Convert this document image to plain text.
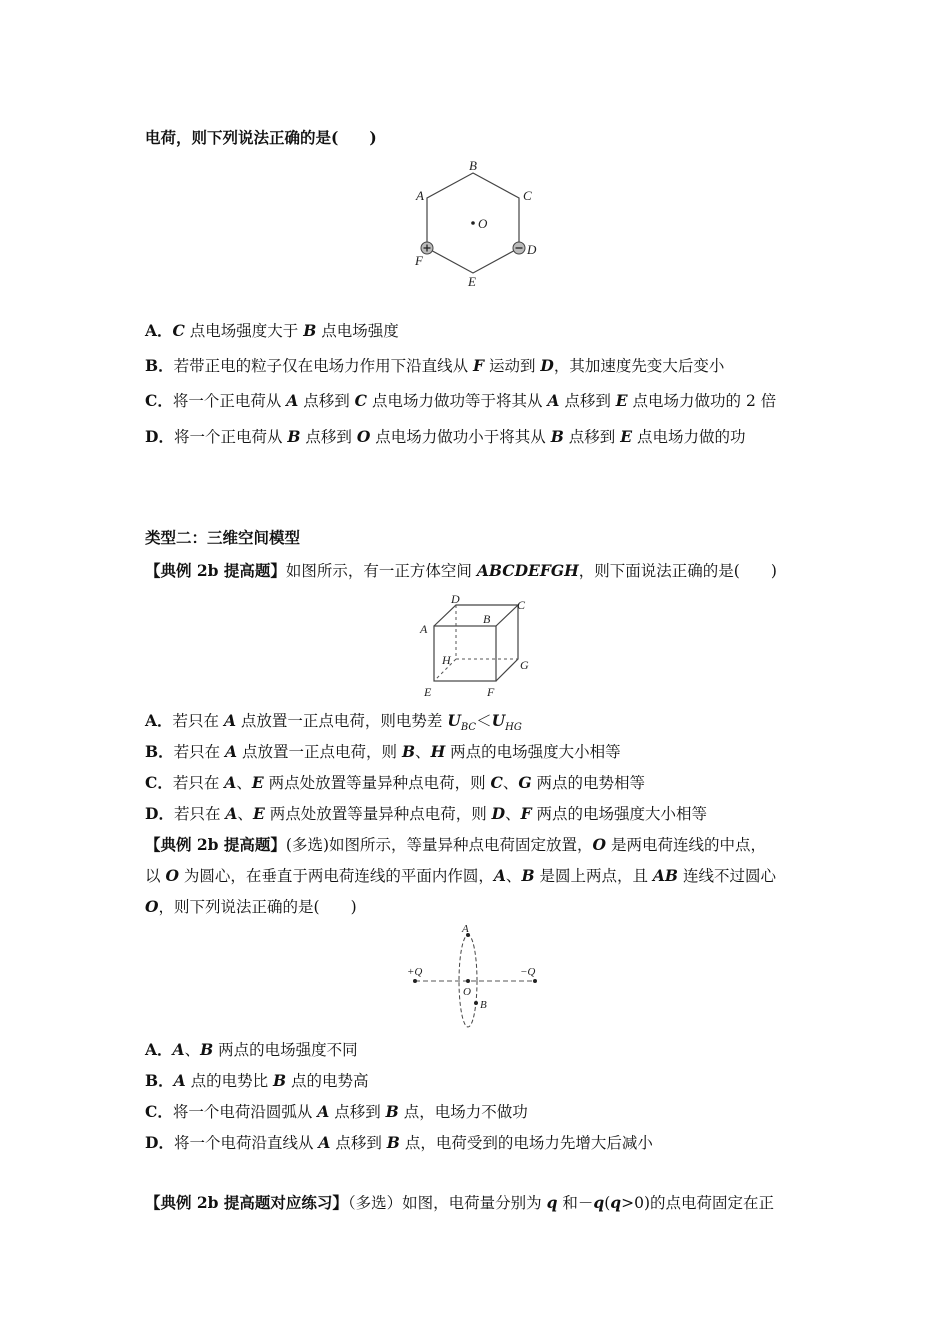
电荷，则下列说法正确的是(　　)
B
A	C
O
D
F
E
A．C 点电场强度大于 B 点电场强度
B．若带正电的粒子仅在电场力作用下沿直线从 F 运动到 D，其加速度先变大后变小
C．将一个正电荷从 A 点移到 C 点电场力做功等于将其从 A 点移到 E 点电场力做功的 2 倍
D．将一个正电荷从 B 点移到 O 点电场力做功小于将其从 B 点移到 E 点电场力做的功
类型二：三维空间模型
【典例 2b 提高题】如图所示，有一正方体空间 ABCDEFGH，则下面说法正确的是(　　)
D	C
A
B
H	G
E	F
A．若只在 A 点放置一正点电荷，则电势差 $U_{BC}<U_{HG}$
B．若只在 A 点放置一正点电荷，则 B、H 两点的电场强度大小相等
C．若只在 A、E 两点处放置等量异种点电荷，则 C、G 两点的电势相等
D．若只在 A、E 两点处放置等量异种点电荷，则 D、F 两点的电场强度大小相等
【典例 2b 提高题】(多选)如图所示，等量异种点电荷固定放置，O 是两电荷连线的中点，
以 O 为圆心，在垂直于两电荷连线的平面内作圆，A、B 是圆上两点，且 AB 连线不过圆心
O，则下列说法正确的是(　　)
+Q	−Q
A
O
B
A．A、B 两点的电场强度不同
B．A 点的电势比 B 点的电势高
C．将一个电荷沿圆弧从 A 点移到 B 点，电场力不做功
D．将一个电荷沿直线从 A 点移到 B 点，电荷受到的电场力先增大后减小
【典例 2b 提高题对应练习】（多选）如图，电荷量分别为 q 和－q(q>0)的点电荷固定在正
